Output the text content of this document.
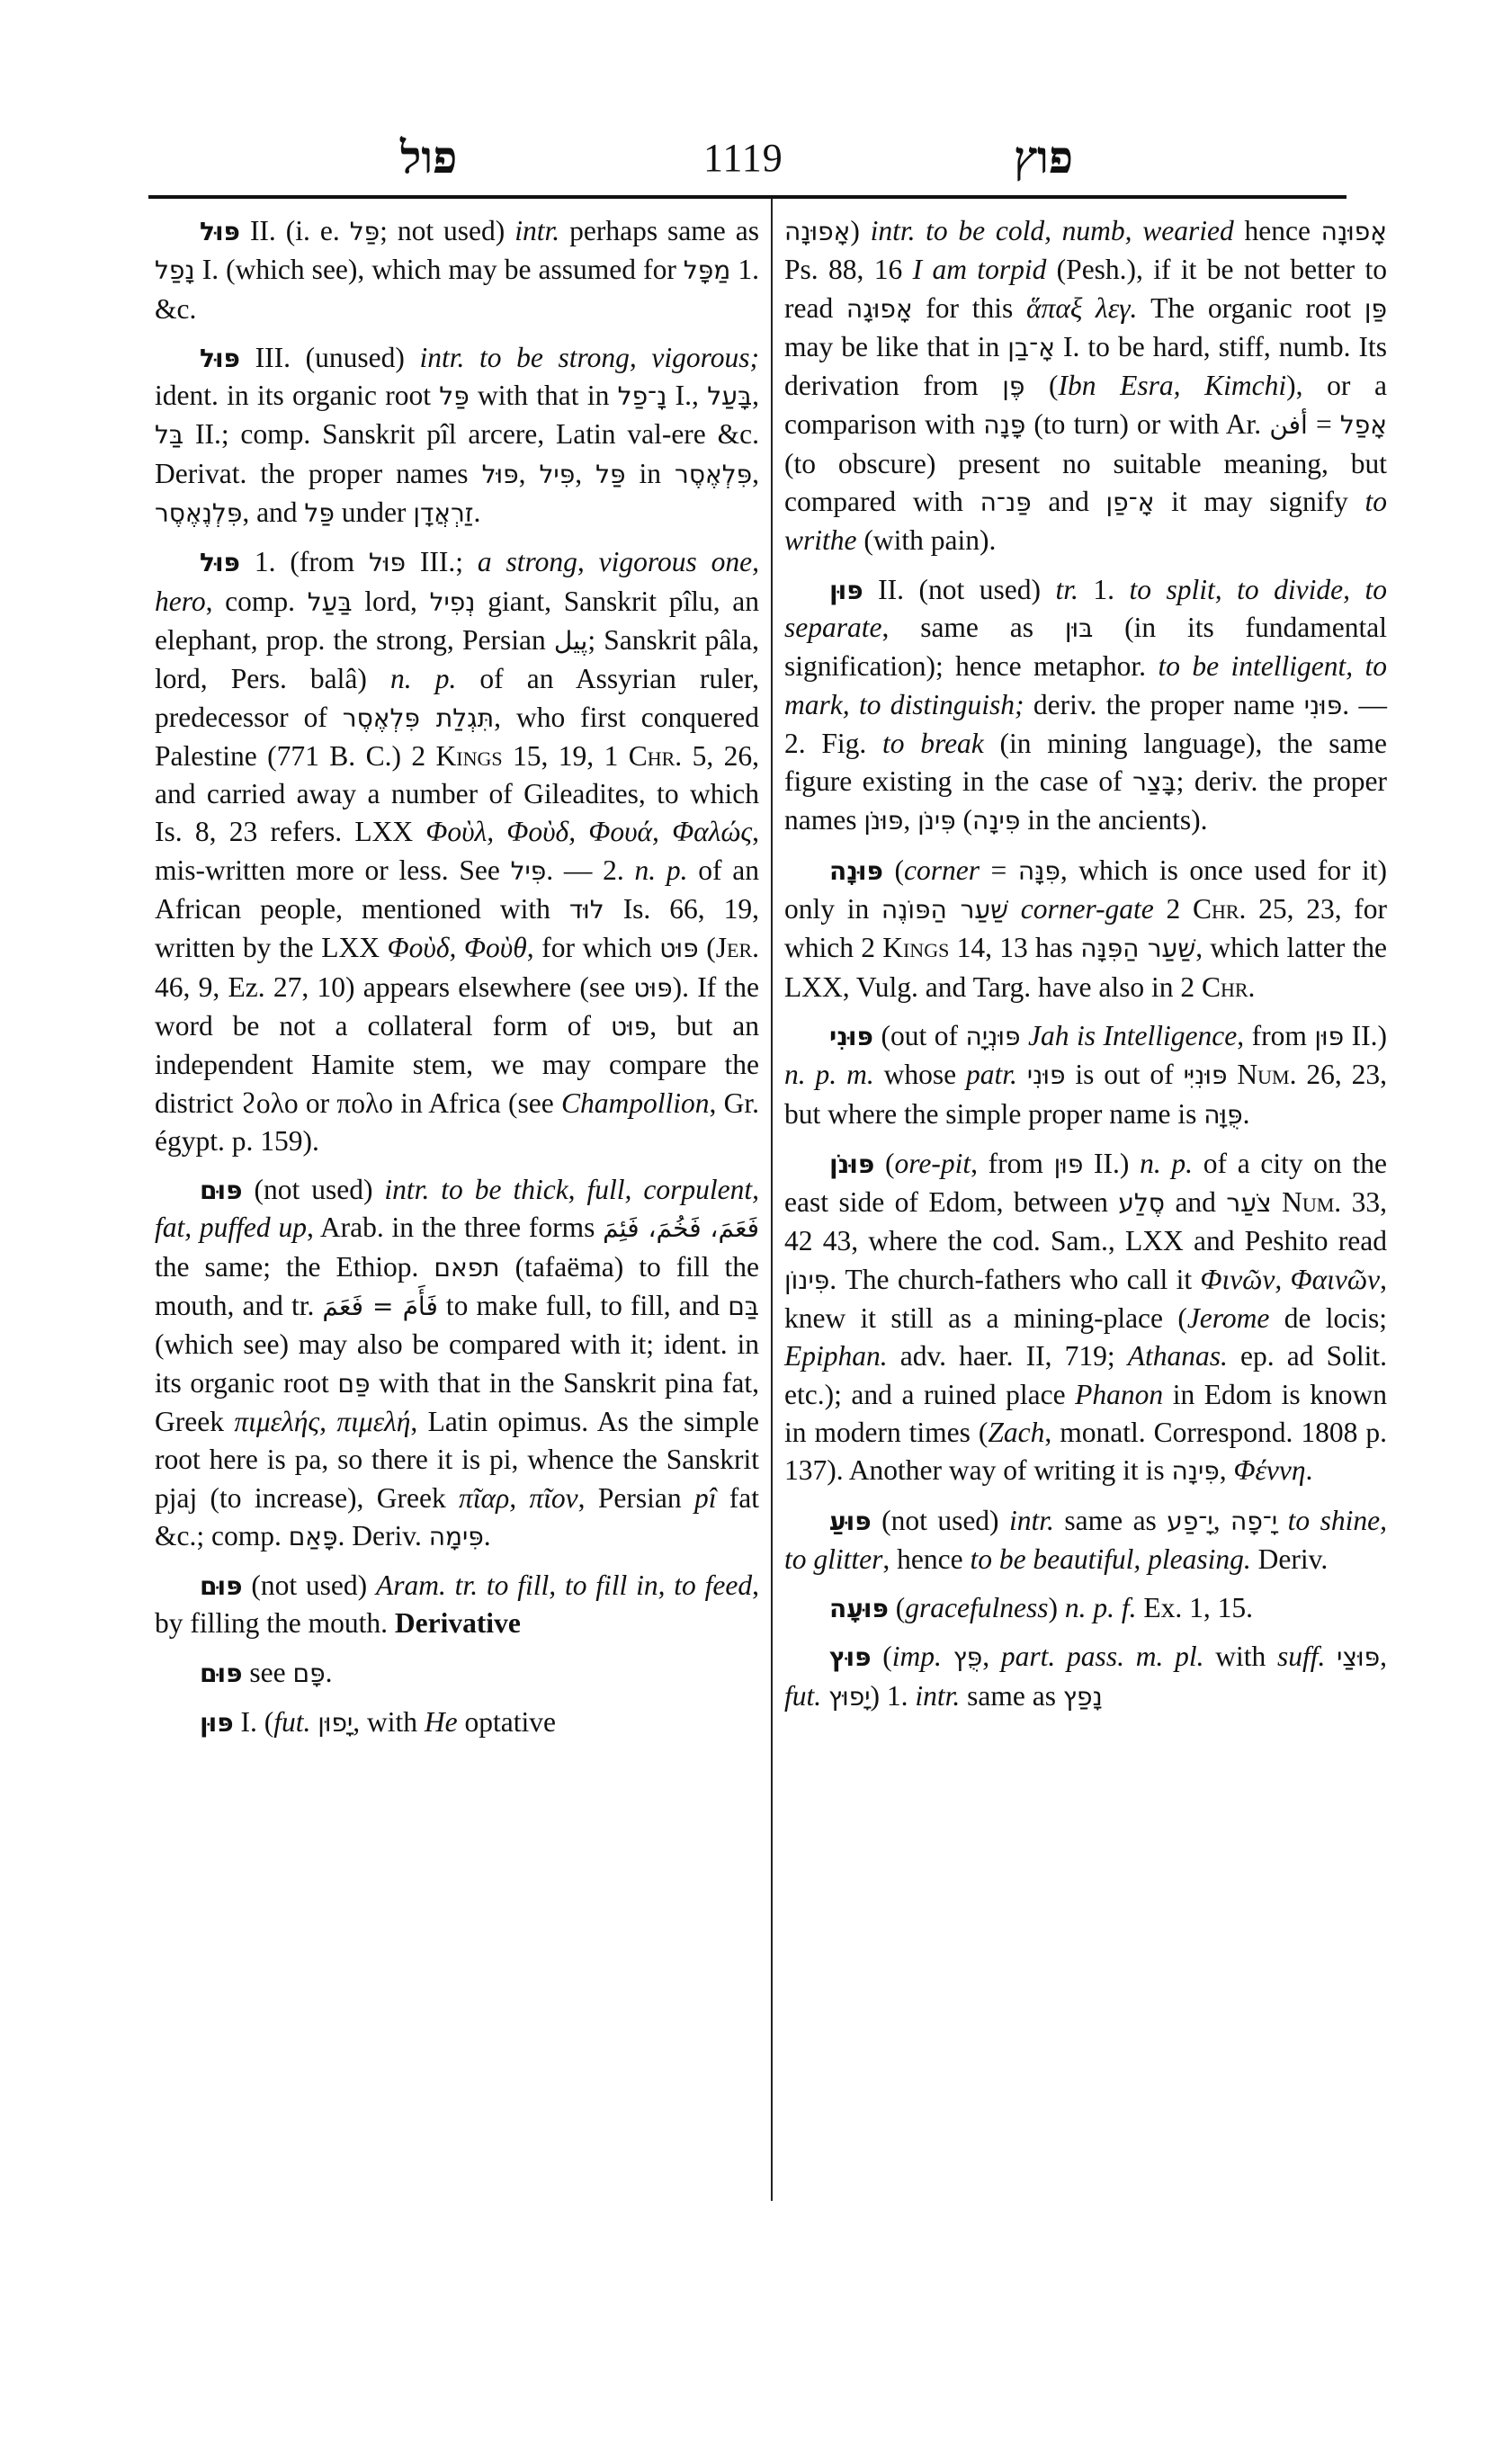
פול	1119	פוץ

פּוּל II. (i. e. פַּל; not used) intr. perhaps same as נָפַל I. (which see), which may be assumed for מַפָּל 1. &c.

פּוּל III. (unused) intr. to be strong, vigorous; ident. in its organic root פַּל with that in נָ־פַל I., בָּעַל, בַּל II.; comp. Sanskrit pîl arcere, Latin val-ere &c. Derivat. the proper names פּוּל, פִּיל, פַּל in פִּלְאֶסֶר, פִּלְנֶאֶסֶר, and פַּל under זַרְאֲדָן.

פּוּל 1. (from פּוּל III.; a strong, vigorous one, hero, comp. בַּעַל lord, נְפִיל giant, Sanskrit pîlu, an elephant, prop. the strong, Persian پيل; Sanskrit pâla, lord, Pers. balâ) n. p. of an Assyrian ruler, predecessor of תִּגְלַת פִּלְאֶסֶר, who first conquered Palestine (771 B. C.) 2 Kings 15, 19, 1 Chr. 5, 26, and carried away a number of Gileadites, to which Is. 8, 23 refers. LXX Φοὺλ, Φοὺδ, Φουά, Φαλώς, mis-written more or less. See פִּיל. — 2. n. p. of an African people, mentioned with לוּד Is. 66, 19, written by the LXX Φοὺδ, Φοὺθ, for which פּוּט (Jer. 46, 9, Ez. 27, 10) appears elsewhere (see פּוּט). If the word be not a collateral form of פּוּט, but an independent Hamite stem, we may compare the district ϩολο or πολο in Africa (see Champollion, Gr. égypt. p. 159).

פּוּם (not used) intr. to be thick, full, corpulent, fat, puffed up, Arab. in the three forms فَعَمَ، فَخُمَ، فَئِمَ the same; the Ethiop. תפאם (tafaëma) to fill the mouth, and tr. فَأَمَ = فَعَمَ to make full, to fill, and בַּם (which see) may also be compared with it; ident. in its organic root פַּם with that in the Sanskrit pina fat, Greek πιμελής, πιμελή, Latin opimus. As the simple root here is pa, so there it is pi, whence the Sanskrit pjaj (to increase), Greek πῖαρ, πῖον, Persian pî fat &c.; comp. פָּאַם. Deriv. פִּימָה.

פּוּם (not used) Aram. tr. to fill, to fill in, to feed, by filling the mouth. Derivative

פּוּם see פָּם.

פּוּן I. (fut. יָפוּן, with He optative

אָפוּנָה) intr. to be cold, numb, wearied hence אָפוּנָה Ps. 88, 16 I am torpid (Pesh.), if it be not better to read אָפוּגָה for this ἅπαξ λεγ. The organic root פַּן may be like that in אָ־בַן I. to be hard, stiff, numb. Its derivation from פֶּן (Ibn Esra, Kimchi), or a comparison with פָּנָה (to turn) or with Ar. أفن = אָפַל (to obscure) present no suitable meaning, but compared with פַּנ־ה and אָ־פַן it may signify to writhe (with pain).

פּוּן II. (not used) tr. 1. to split, to divide, to separate, same as בּוּן (in its fundamental signification); hence metaphor. to be intelligent, to mark, to distinguish; deriv. the proper name פּוּנִי. — 2. Fig. to break (in mining language), the same figure existing in the case of בָּצַר; deriv. the proper names פּוּנֹן, פִּינֹן (פִּינָה in the ancients).

פּוּנָה (corner = פִּנָּה, which is once used for it) only in שַׁעַר הַפּוֹנֶה corner-gate 2 Chr. 25, 23, for which 2 Kings 14, 13 has שַׁעַר הַפִּנָּה, which latter the LXX, Vulg. and Targ. have also in 2 Chr.

פּוּנִי (out of פּוּנְיָה Jah is Intelligence, from פּוּן II.) n. p. m. whose patr. פּוּנִי is out of פּוּנִיִּי Num. 26, 23, but where the simple proper name is פֻּוָּה.

פּוּנֹן (ore-pit, from פּוּן II.) n. p. of a city on the east side of Edom, between סֶלַע and צֹעַר Num. 33, 42 43, where the cod. Sam., LXX and Peshito read פִּינוֹן. The church-fathers who call it Φινῶν, Φαινῶν, knew it still as a mining-place (Jerome de locis; Epiphan. adv. haer. II, 719; Athanas. ep. ad Solit. etc.); and a ruined place Phanon in Edom is known in modern times (Zach, monatl. Correspond. 1808 p. 137). Another way of writing it is פִּינָה, Φέννη.

פּוּעַ (not used) intr. same as יָ־פַע, יָ־פָה to shine, to glitter, hence to be beautiful, pleasing. Deriv.

פּוּעָה (gracefulness) n. p. f. Ex. 1, 15.

פּוּץ (imp. פֻּץ, part. pass. m. pl. with suff. פּוּצַי, fut. יָפוּץ) 1. intr. same as נָפַץ
